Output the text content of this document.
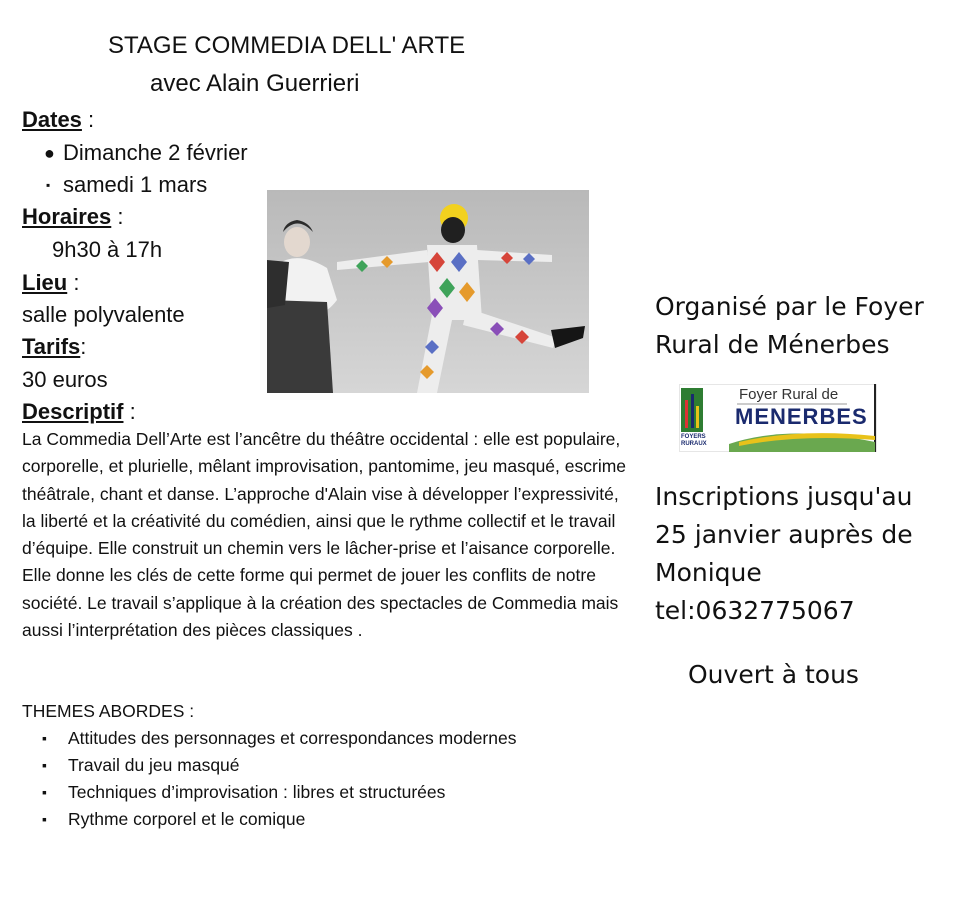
STAGE COMMEDIA DELL' ARTE
avec Alain Guerrieri
Dates :
● Dimanche 2 février
▪ samedi 1 mars
Horaires :
9h30 à 17h
Lieu :
salle polyvalente
Tarifs:
30 euros
Descriptif :
La Commedia Dell’Arte est l’ancêtre du théâtre occidental : elle est populaire, corporelle, et plurielle, mêlant improvisation, pantomime, jeu masqué, escrime théâtrale, chant et danse. L’approche d'Alain vise à développer l’expressivité, la liberté et la créativité du comédien, ainsi que le rythme collectif et le travail d’équipe. Elle construit un chemin vers le lâcher-prise et l’aisance corporelle. Elle donne les clés de cette forme qui permet de jouer les conflits de notre société. Le travail s’applique à la création des spectacles de Commedia mais aussi l’interprétation des pièces classiques .
THEMES ABORDES :
▪ Attitudes des personnages et correspondances modernes
▪ Travail du jeu masqué
▪ Techniques d’improvisation : libres et structurées
▪ Rythme corporel et le comique
Organisé par le Foyer
Rural de Ménerbes
Foyer Rural de
MENERBES
FOYERS RURAUX
Inscriptions jusqu'au
25 janvier auprès de
Monique
tel:0632775067
Ouvert à tous
